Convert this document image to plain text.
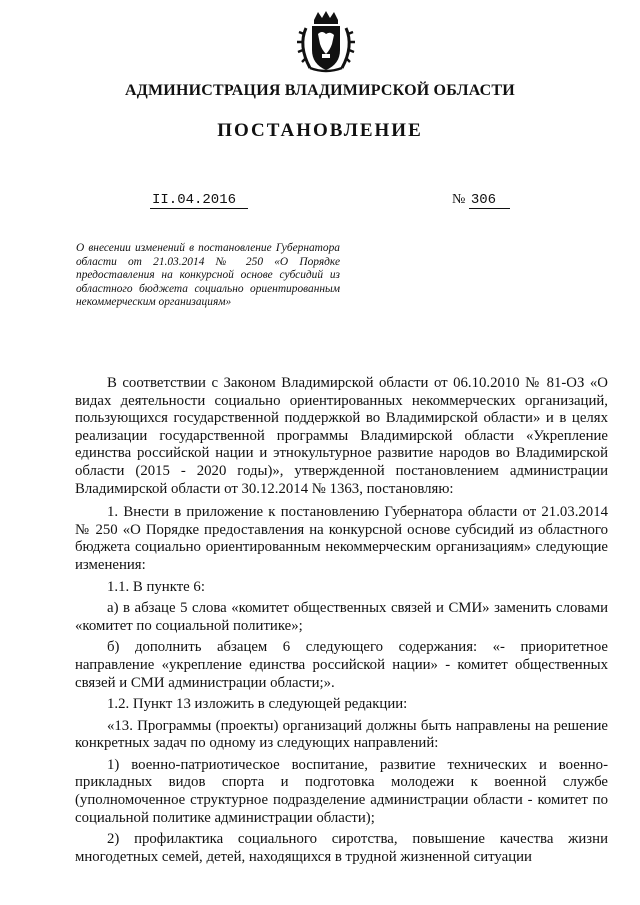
АДМИНИСТРАЦИЯ ВЛАДИМИРСКОЙ ОБЛАСТИ
ПОСТАНОВЛЕНИЕ
II.04.2016	№ 306
О внесении изменений в постановление Губернатора области от 21.03.2014 № 250 «О Порядке предоставления на конкурсной основе субсидий из областного бюджета социально ориентированным некоммерческим организациям»

В соответствии с Законом Владимирской области от 06.10.2010 № 81-ОЗ «О видах деятельности социально ориентированных некоммерческих организаций, пользующихся государственной поддержкой во Владимирской области» и в целях реализации государственной программы Владимирской области «Укрепление единства российской нации и этнокультурное развитие народов во Владимирской области (2015 - 2020 годы)», утвержденной постановлением администрации Владимирской области от 30.12.2014 № 1363, постановляю:

1. Внести в приложение к постановлению Губернатора области от 21.03.2014 № 250 «О Порядке предоставления на конкурсной основе субсидий из областного бюджета социально ориентированным некоммерческим организациям» следующие изменения:

1.1. В пункте 6:

а) в абзаце 5 слова «комитет общественных связей и СМИ» заменить словами «комитет по социальной политике»;

б) дополнить абзацем 6 следующего содержания: «- приоритетное направление «укрепление единства российской нации» - комитет общественных связей и СМИ администрации области;».

1.2. Пункт 13 изложить в следующей редакции:

«13. Программы (проекты) организаций должны быть направлены на решение конкретных задач по одному из следующих направлений:

1) военно-патриотическое воспитание, развитие технических и военно-прикладных видов спорта и подготовка молодежи к военной службе (уполномоченное структурное подразделение администрации области - комитет по социальной политике администрации области);

2) профилактика социального сиротства, повышение качества жизни многодетных семей, детей, находящихся в трудной жизненной ситуации
